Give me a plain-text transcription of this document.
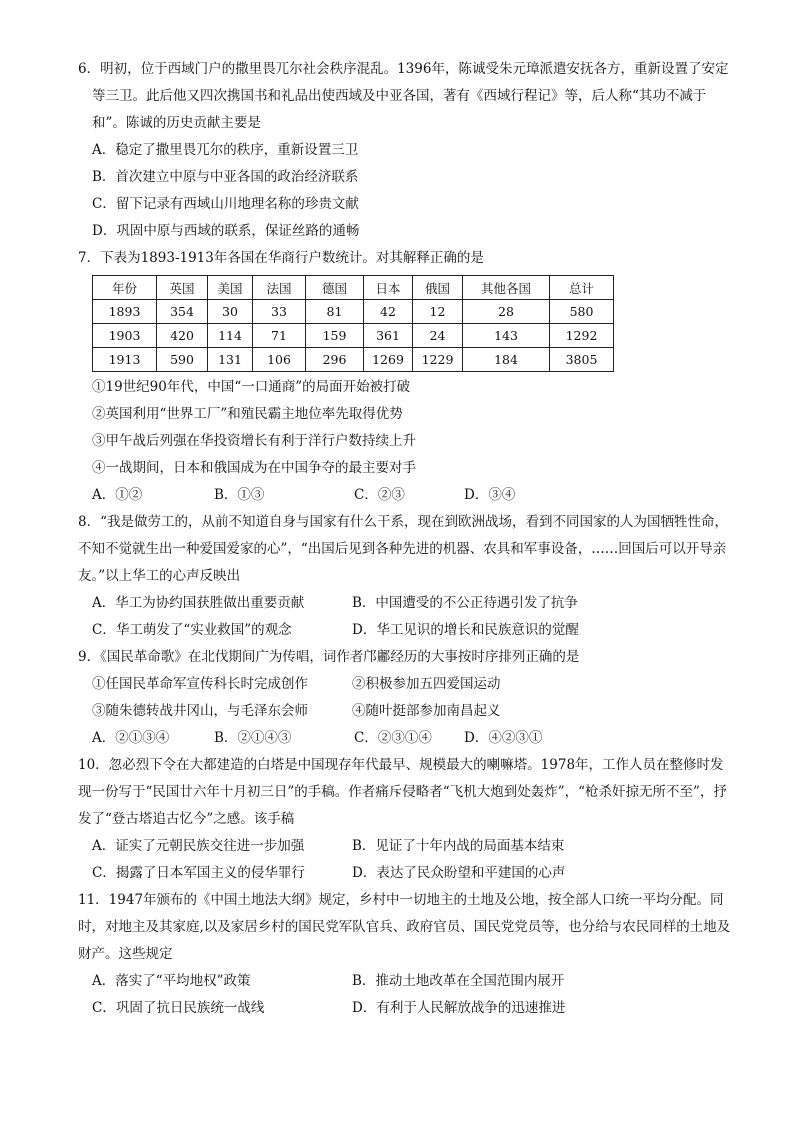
6．明初，位于西域门户的撒里畏兀尔社会秩序混乱。1396年，陈诚受朱元璋派遣安抚各方，重新设置了安定等三卫。此后他又四次携国书和礼品出使西域及中亚各国，著有《西域行程记》等，后人称“其功不减于和”。陈诚的历史贡献主要是

A．稳定了撒里畏兀尔的秩序，重新设置三卫

B．首次建立中原与中亚各国的政治经济联系

C．留下记录有西域山川地理名称的珍贵文献

D．巩固中原与西域的联系，保证丝路的通畅

7．下表为1893-1913年各国在华商行户数统计。对其解释正确的是

年份	英国	美国	法国	德国	日本	俄国	其他各国	总计
1893	354	30	33	81	42	12	28	580
1903	420	114	71	159	361	24	143	1292
1913	590	131	106	296	1269	1229	184	3805

①19世纪90年代，中国“一口通商”的局面开始被打破

②英国利用“世界工厂”和殖民霸主地位率先取得优势

③甲午战后列强在华投资增长有利于洋行户数持续上升

④一战期间，日本和俄国成为在中国争夺的最主要对手

A．①②	B．①③	C．②③	D．③④

8．“我是做劳工的，从前不知道自身与国家有什么干系，现在到欧洲战场，看到不同国家的人为国牺牲性命，不知不觉就生出一种爱国爱家的心”，“出国后见到各种先进的机器、农具和军事设备，……回国后可以开导亲友。”以上华工的心声反映出

A．华工为协约国获胜做出重要贡献	B．中国遭受的不公正待遇引发了抗争
C．华工萌发了“实业救国”的观念	D．华工见识的增长和民族意识的觉醒

9．《国民革命歌》在北伐期间广为传唱，词作者邝鄘经历的大事按时序排列正确的是

①任国民革命军宣传科长时完成创作	②积极参加五四爱国运动
③随朱德转战井冈山，与毛泽东会师	④随叶挺部参加南昌起义
A．②①③④	B．②①④③	C．②③①④	D．④②③①

10．忽必烈下令在大都建造的白塔是中国现存年代最早、规模最大的喇嘛塔。1978年，工作人员在整修时发现一份写于“民国廿六年十月初三日”的手稿。作者痛斥侵略者“飞机大炮到处轰炸”，“枪杀奸掠无所不至”，抒发了“登古塔追古忆今”之感。该手稿

A．证实了元朝民族交往进一步加强	B．见证了十年内战的局面基本结束
C．揭露了日本军国主义的侵华罪行	D．表达了民众盼望和平建国的心声

11．1947年颁布的《中国土地法大纲》规定，乡村中一切地主的土地及公地，按全部人口统一平均分配。同时，对地主及其家庭,以及家居乡村的国民党军队官兵、政府官员、国民党党员等，也分给与农民同样的土地及财产。这些规定

A．落实了“平均地权”政策	B．推动土地改革在全国范围内展开
C．巩固了抗日民族统一战线	D．有利于人民解放战争的迅速推进
